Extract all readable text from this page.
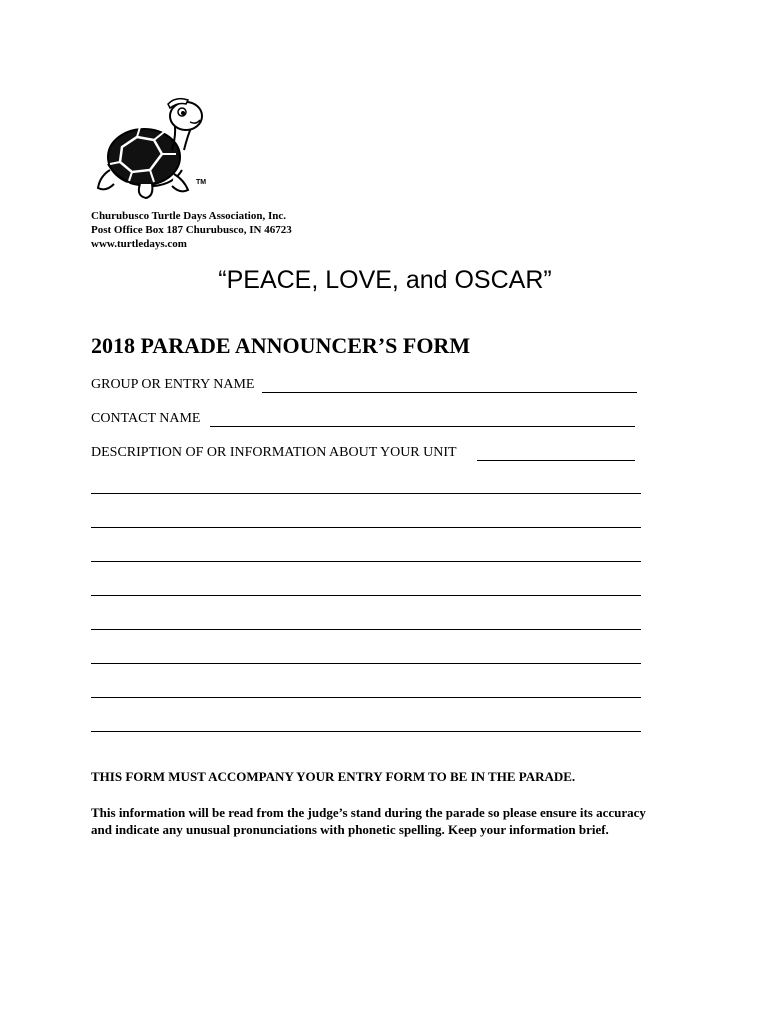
TM
Churubusco Turtle Days Association, Inc.
Post Office Box 187 Churubusco, IN 46723
www.turtledays.com
“PEACE, LOVE, and OSCAR”
2018 PARADE ANNOUNCER’S FORM
GROUP OR ENTRY NAME
CONTACT NAME
DESCRIPTION OF OR INFORMATION ABOUT YOUR UNIT
THIS FORM MUST ACCOMPANY YOUR ENTRY FORM TO BE IN THE PARADE.
This information will be read from the judge’s stand during the parade so please ensure its accuracy and indicate any unusual pronunciations with phonetic spelling. Keep your information brief.
